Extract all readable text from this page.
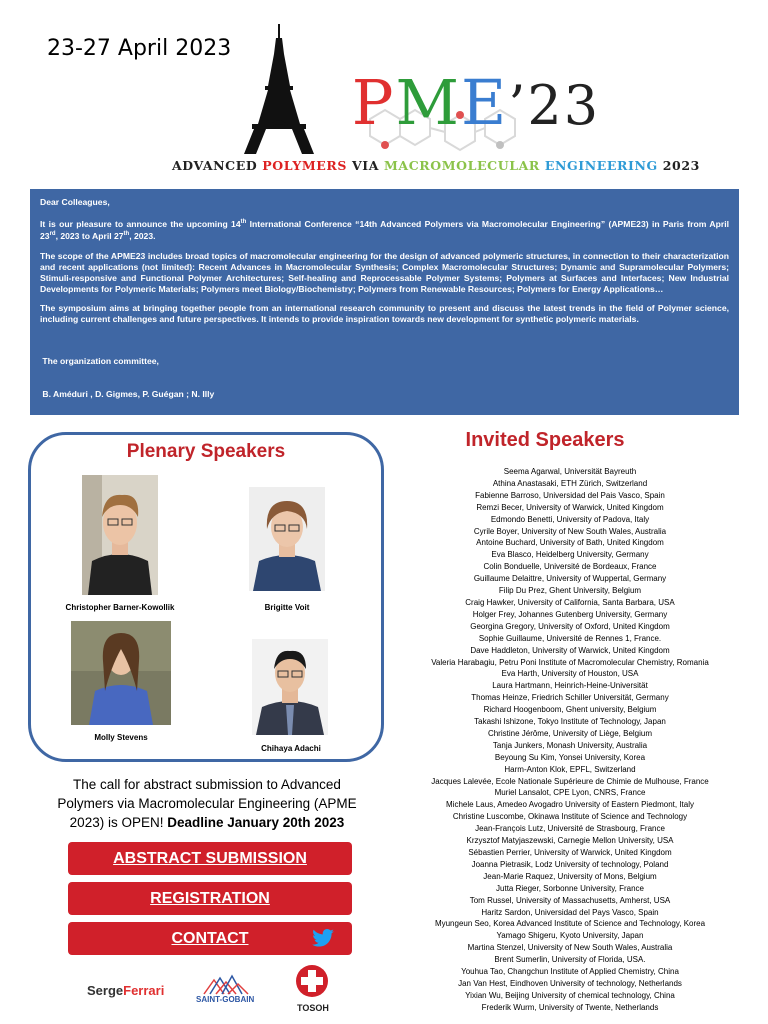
23-27 April 2023
PME’23
ADVANCED POLYMERS VIA MACROMOLECULAR ENGINEERING 2023

Dear Colleagues,

It is our pleasure to announce the upcoming 14th International Conference “14th Advanced Polymers via Macromolecular Engineering” (APME23) in Paris from April 23rd, 2023 to April 27th, 2023.

The scope of the APME23 includes broad topics of macromolecular engineering for the design of advanced polymeric structures, in connection to their characterization and recent applications (not limited): Recent Advances in Macromolecular Synthesis; Complex Macromolecular Structures; Dynamic and Supramolecular Polymers; Stimuli-responsive and Functional Polymer Architectures; Self-healing and Reprocessable Polymer Systems; Polymers at Surfaces and Interfaces; New Industrial Developments for Polymeric Materials; Polymers meet Biology/Biochemistry; Polymers from Renewable Resources; Polymers for Energy Applications…

The symposium aims at bringing together people from an international research community to present and discuss the latest trends in the field of Polymer science, including current challenges and future perspectives. It intends to provide inspiration towards new development for synthetic polymeric materials.

The organization committee,

B. Améduri , D. Gigmes, P. Guégan ; N. Illy

Plenary Speakers
Christopher Barner-Kowollik	Brigitte Voit
Molly Stevens
Chihaya Adachi
Invited Speakers
Seema Agarwal, Universität Bayreuth
Athina Anastasaki, ETH Zürich, Switzerland
Fabienne Barroso, Universidad del Pais Vasco, Spain
Remzi Becer, University of Warwick, United Kingdom
Edmondo Benetti, University of Padova, Italy
Cyrile Boyer, University of New South Wales, Australia
Antoine Buchard, University of Bath, United Kingdom
Eva Blasco, Heidelberg University, Germany
Colin Bonduelle, Université de Bordeaux, France
Guillaume Delaittre, University of Wuppertal, Germany
Filip Du Prez, Ghent University, Belgium
Craig Hawker, University of California, Santa Barbara, USA
Holger Frey, Johannes Gutenberg University, Germany
Georgina Gregory, University of Oxford, United Kingdom
Sophie Guillaume, Université de Rennes 1, France.
Dave Haddleton, University of Warwick, United Kingdom
Valeria Harabagiu, Petru Poni Institute of Macromolecular Chemistry, Romania
Eva Harth, University of Houston, USA
Laura Hartmann, Heinrich-Heine-Universität
Thomas Heinze, Friedrich Schiller Universität, Germany
Richard Hoogenboom, Ghent university, Belgium
Takashi Ishizone, Tokyo Institute of Technology, Japan
Christine Jérôme, University of Liège, Belgium
Tanja Junkers, Monash University, Australia
Beyoung Su Kim, Yonsei University, Korea
Harm-Anton Klok, EPFL, Switzerland
Jacques Lalevée, Ecole Nationale Supérieure de Chimie de Mulhouse, France
Muriel Lansalot, CPE Lyon, CNRS, France
Michele Laus, Amedeo Avogadro University of Eastern Piedmont, Italy
Christine Luscombe, Okinawa Institute of Science and Technology
Jean-François Lutz, Université de Strasbourg, France
Krzysztof Matyjaszewski, Carnegie Mellon University, USA
Sébastien Perrier, University of Warwick, United Kingdom
Joanna Pietrasik, Lodz University of technology, Poland
Jean-Marie Raquez, University of Mons, Belgium
Jutta Rieger, Sorbonne University, France
Tom Russel, University of Massachusetts, Amherst, USA
Haritz Sardon, Universidad del Pays Vasco, Spain
Myungeun Seo, Korea Advanced Institute of Science and Technology, Korea
Yamago Shigeru, Kyoto University, Japan
Martina Stenzel, University of New South Wales, Australia
Brent Sumerlin, University of Florida, USA.
Youhua Tao, Changchun Institute of Applied Chemistry, China
Jan Van Hest, Eindhoven University of technology, Netherlands
Yixian Wu, Beijing University of chemical technology, China
Frederik Wurm, University of Twente, Netherlands
The call for abstract submission to Advanced Polymers via Macromolecular Engineering (APME 2023) is OPEN! Deadline January 20th 2023
ABSTRACT SUBMISSION
REGISTRATION
CONTACT
SergeFerrari
SAINT-GOBAIN
TOSOH
